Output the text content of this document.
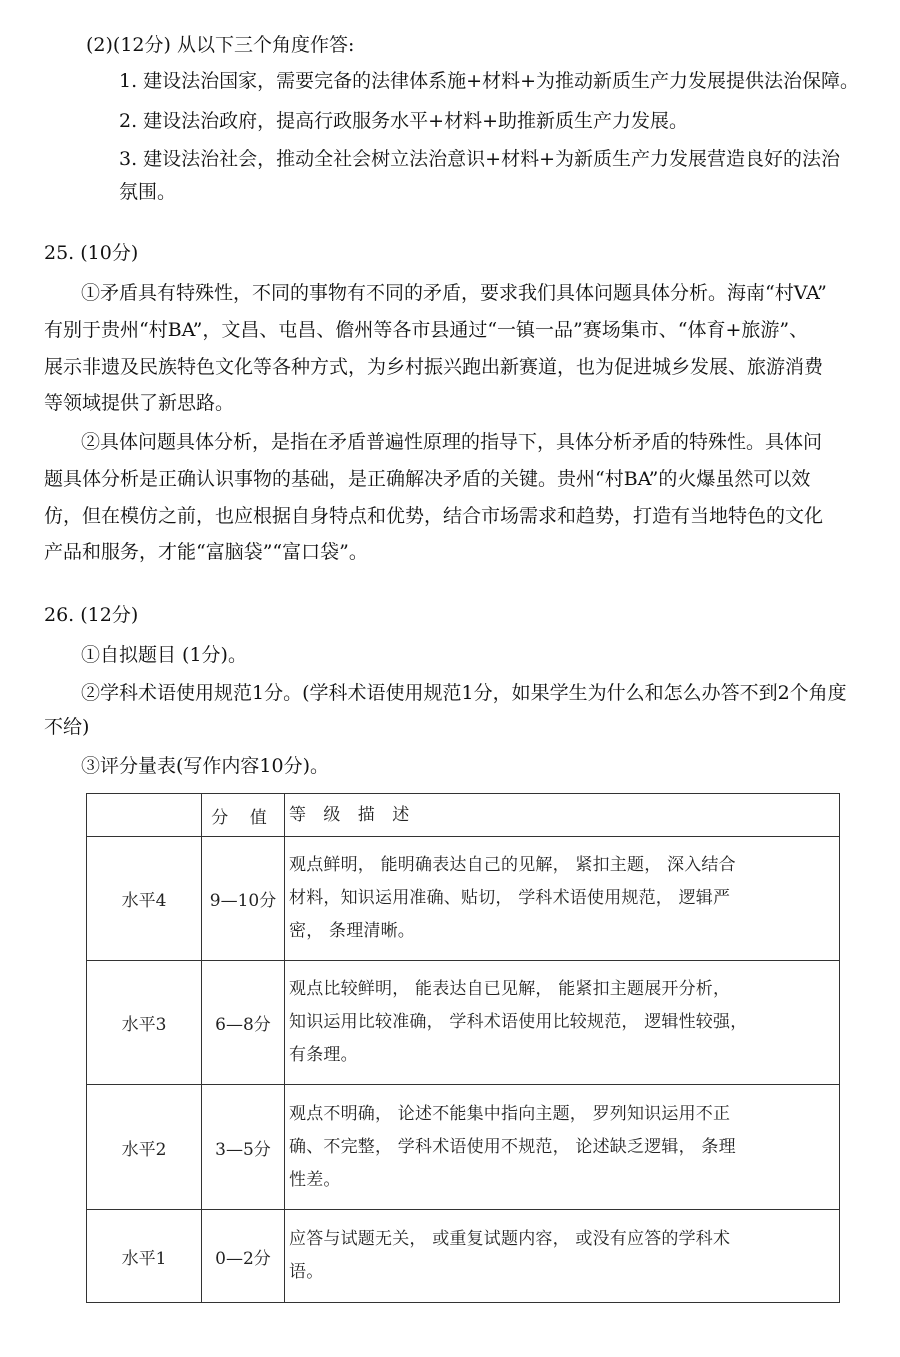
(2)(12分) 从以下三个角度作答:
1. 建设法治国家，需要完备的法律体系施+材料+为推动新质生产力发展提供法治保障。
2. 建设法治政府，提高行政服务水平+材料+助推新质生产力发展。
3. 建设法治社会，推动全社会树立法治意识+材料+为新质生产力发展营造良好的法治
氛围。
25. (10分)
①矛盾具有特殊性，不同的事物有不同的矛盾，要求我们具体问题具体分析。海南“村VA”
有别于贵州“村BA”，文昌、屯昌、儋州等各市县通过“一镇一品”赛场集市、“体育+旅游”、
展示非遗及民族特色文化等各种方式，为乡村振兴跑出新赛道，也为促进城乡发展、旅游消费
等领域提供了新思路。
②具体问题具体分析，是指在矛盾普遍性原理的指导下，具体分析矛盾的特殊性。具体问
题具体分析是正确认识事物的基础，是正确解决矛盾的关键。贵州“村BA”的火爆虽然可以效
仿，但在模仿之前，也应根据自身特点和优势，结合市场需求和趋势，打造有当地特色的文化
产品和服务，才能“富脑袋”“富口袋”。
26. (12分)
①自拟题目 (1分)。
②学科术语使用规范1分。(学科术语使用规范1分，如果学生为什么和怎么办答不到2个角度
不给)
③评分量表(写作内容10分)。
	分 值	等 级 描 述
水平4	9—10分	观点鲜明， 能明确表达自己的见解， 紧扣主题， 深入结合
材料，知识运用准确、贴切， 学科术语使用规范， 逻辑严
密， 条理清晰。

水平3	6—8分	观点比较鲜明， 能表达自已见解， 能紧扣主题展开分析，
知识运用比较准确， 学科术语使用比较规范， 逻辑性较强，
有条理。

水平2	3—5分	观点不明确， 论述不能集中指向主题， 罗列知识运用不正
确、不完整， 学科术语使用不规范， 论述缺乏逻辑， 条理
性差。

水平1	0—2分	应答与试题无关， 或重复试题内容， 或没有应答的学科术
语。
